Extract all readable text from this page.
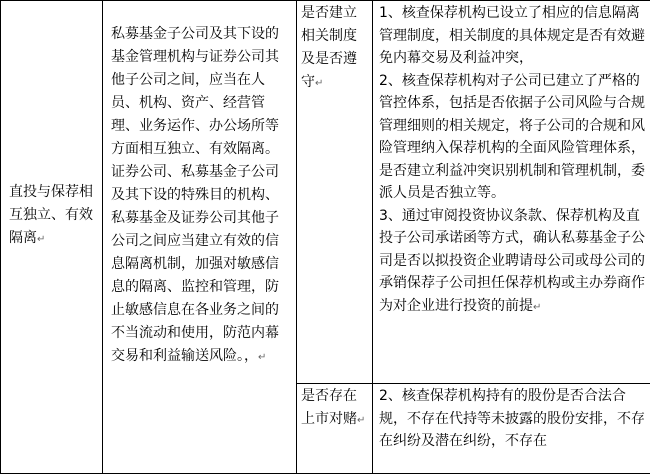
直投与保荐相互独立、有效隔离↵	私募基金子公司及其下设的基金管理机构与证券公司其他子公司之间，应当在人员、机构、资产、经营管理、业务运作、办公场所等方面相互独立、有效隔离。证券公司、私募基金子公司及其下设的特殊目的机构、私募基金及证券公司其他子公司之间应当建立有效的信息隔离机制，加强对敏感信息的隔离、监控和管理，防止敏感信息在各业务之间的不当流动和使用，防范内幕交易和利益输送风险。，↵	是否建立相关制度及是否遵守↵	1、核查保荐机构已设立了相应的信息隔离管理制度，相关制度的具体规定是否有效避免内幕交易及利益冲突，
2、核查保荐机构对子公司已建立了严格的管控体系，包括是否依据子公司风险与合规管理细则的相关规定，将子公司的合规和风险管理纳入保荐机构的全面风险管理体系，是否建立利益冲突识别机制和管理机制，委派人员是否独立等。
3、通过审阅投资协议条款、保荐机构及直投子公司承诺函等方式，确认私募基金子公司是否以拟投资企业聘请母公司或母公司的承销保荐子公司担任保荐机构或主办券商作为对企业进行投资的前提↵

		是否存在上市对赌↵	2、核查保荐机构持有的股份是否合法合规，不存在代持等未披露的股份安排，不存在纠纷及潜在纠纷，不存在
